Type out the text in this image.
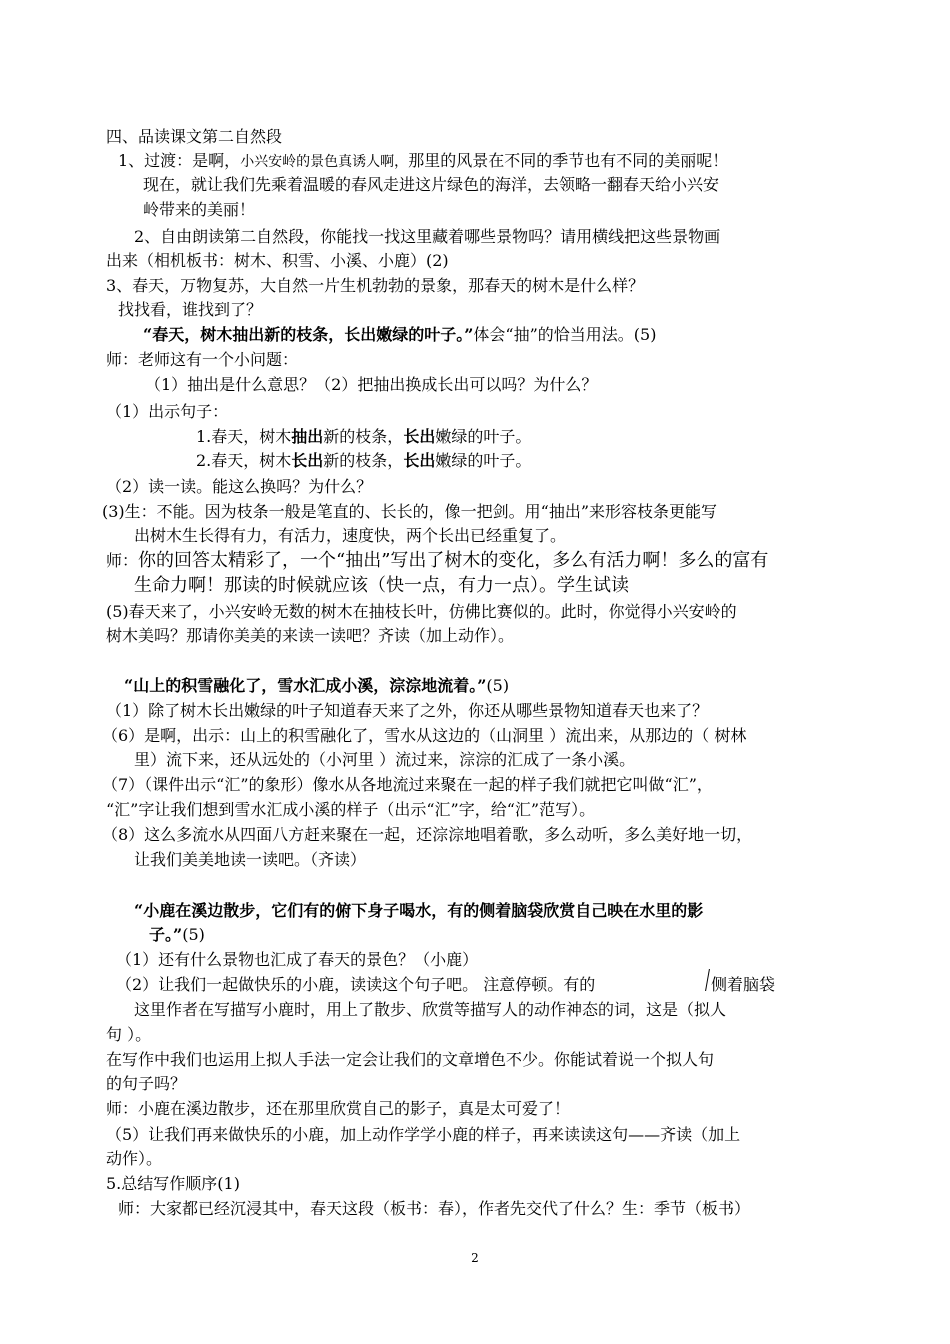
四、品读课文第二自然段
1、过渡：是啊，小兴安岭的景色真诱人啊，那里的风景在不同的季节也有不同的美丽呢！
现在，就让我们先乘着温暖的春风走进这片绿色的海洋，去领略一翻春天给小兴安
岭带来的美丽！
2、自由朗读第二自然段，你能找一找这里藏着哪些景物吗？请用横线把这些景物画
出来（相机板书：树木、积雪、小溪、小鹿）(2)
3、春天，万物复苏，大自然一片生机勃勃的景象，那春天的树木是什么样？
找找看，谁找到了？
“春天，树木抽出新的枝条，长出嫩绿的叶子。”体会“抽”的恰当用法。(5)
师：老师这有一个小问题：
（1）抽出是什么意思？（2）把抽出换成长出可以吗？为什么？
（1）出示句子：
1.春天，树木抽出新的枝条，长出嫩绿的叶子。
2.春天，树木长出新的枝条，长出嫩绿的叶子。
（2）读一读。能这么换吗？为什么？
(3)生：不能。因为枝条一般是笔直的、长长的，像一把剑。用“抽出”来形容枝条更能写
出树木生长得有力，有活力，速度快，两个长出已经重复了。
师：你的回答太精彩了，一个“抽出”写出了树木的变化，多么有活力啊！多么的富有
生命力啊！那读的时候就应该（快一点，有力一点）。学生试读
(5)春天来了，小兴安岭无数的树木在抽枝长叶，仿佛比赛似的。此时，你觉得小兴安岭的
树木美吗？那请你美美的来读一读吧？齐读（加上动作）。
“山上的积雪融化了，雪水汇成小溪，淙淙地流着。”(5)
（1）除了树木长出嫩绿的叶子知道春天来了之外，你还从哪些景物知道春天也来了？
（6）是啊，出示：山上的积雪融化了，雪水从这边的（山洞里 ）流出来，从那边的（ 树林
里）流下来，还从远处的（小河里 ）流过来，淙淙的汇成了一条小溪。
（7）（课件出示“汇”的象形）像水从各地流过来聚在一起的样子我们就把它叫做“汇”，
“汇”字让我们想到雪水汇成小溪的样子（出示“汇”字，给“汇”范写）。
（8）这么多流水从四面八方赶来聚在一起，还淙淙地唱着歌，多么动听，多么美好地一切，
让我们美美地读一读吧。（齐读）
“小鹿在溪边散步，它们有的俯下身子喝水，有的侧着脑袋欣赏自己映在水里的影
子。”(5)
（1）还有什么景物也汇成了春天的景色？（小鹿）
（2）让我们一起做快乐的小鹿，读读这个句子吧。 注意停顿。有的	侧着脑袋
这里作者在写描写小鹿时，用上了散步、欣赏等描写人的动作神态的词，这是（拟人
句 ）。
在写作中我们也运用上拟人手法一定会让我们的文章增色不少。你能试着说一个拟人句
的句子吗？
师：小鹿在溪边散步，还在那里欣赏自己的影子，真是太可爱了！
（5）让我们再来做快乐的小鹿，加上动作学学小鹿的样子，再来读读这句——齐读（加上
动作）。
5.总结写作顺序(1)
师：大家都已经沉浸其中，春天这段（板书：春），作者先交代了什么？生：季节（板书）
2
